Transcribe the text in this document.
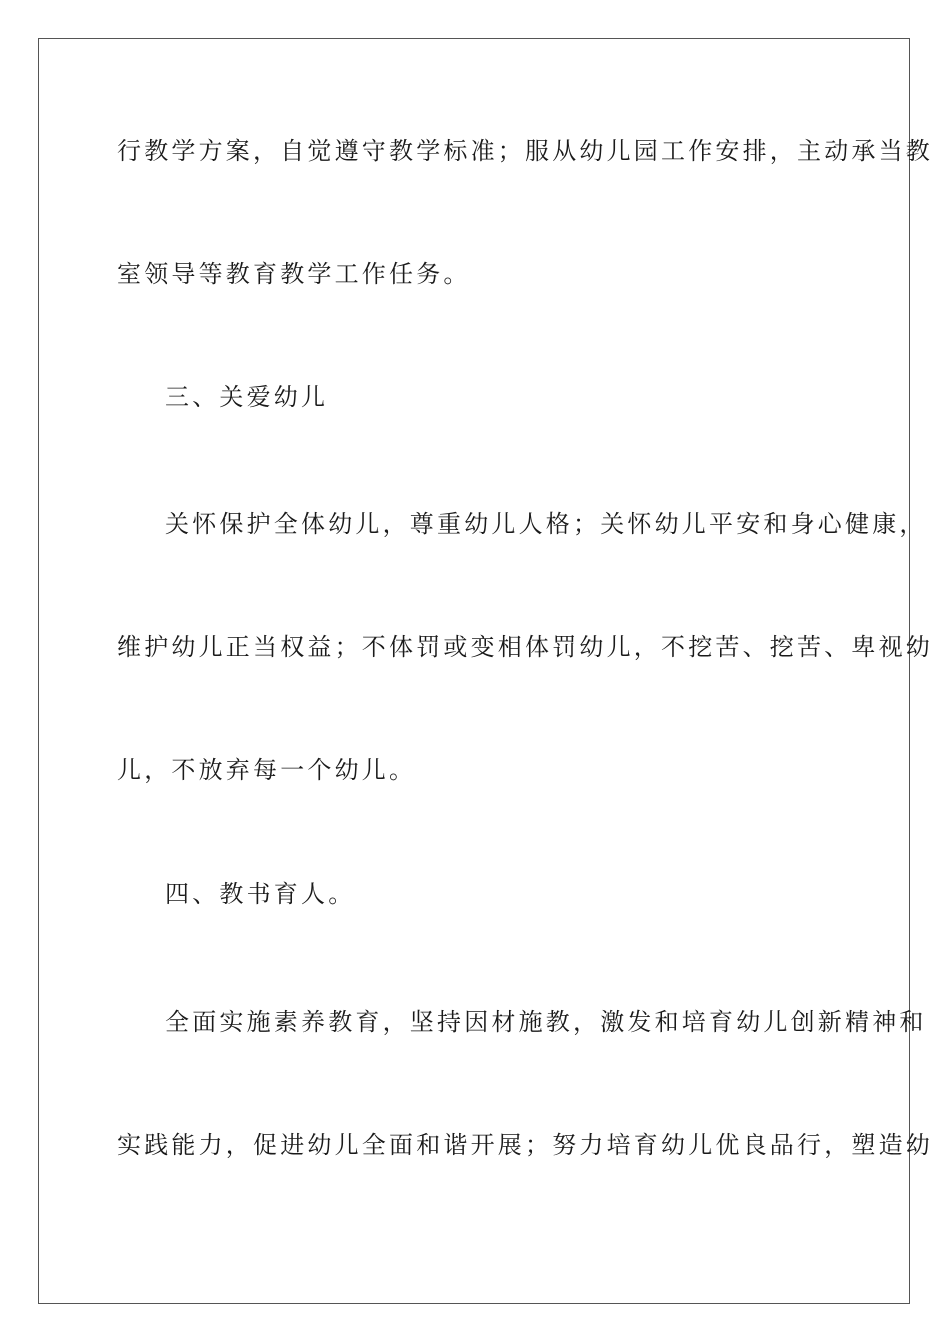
行教学方案，自觉遵守教学标准；服从幼儿园工作安排，主动承当教
室领导等教育教学工作任务。
三、关爱幼儿
关怀保护全体幼儿，尊重幼儿人格；关怀幼儿平安和身心健康，
维护幼儿正当权益；不体罚或变相体罚幼儿，不挖苦、挖苦、卑视幼
儿，不放弃每一个幼儿。
四、教书育人。
全面实施素养教育，坚持因材施教，激发和培育幼儿创新精神和
实践能力，促进幼儿全面和谐开展；努力培育幼儿优良品行，塑造幼
